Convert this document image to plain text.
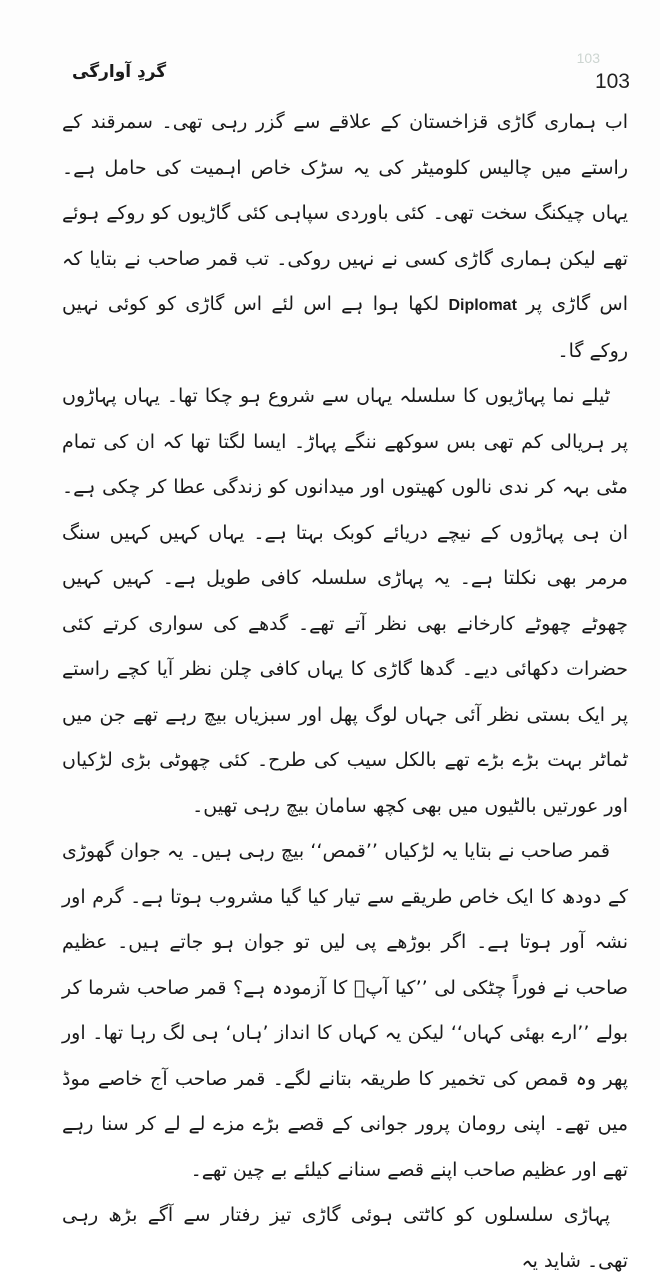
103
گردِ آوارگی	103

اب ہماری گاڑی قزاخستان کے علاقے سے گزر رہی تھی۔ سمرقند کے راستے میں چالیس کلومیٹر کی یہ سڑک خاص اہمیت کی حامل ہے۔ یہاں چیکنگ سخت تھی۔ کئی باوردی سپاہی کئی گاڑیوں کو روکے ہوئے تھے لیکن ہماری گاڑی کسی نے نہیں روکی۔ تب قمر صاحب نے بتایا کہ اس گاڑی پر Diplomat لکھا ہوا ہے اس لئے اس گاڑی کو کوئی نہیں روکے گا۔

ٹیلے نما پہاڑیوں کا سلسلہ یہاں سے شروع ہو چکا تھا۔ یہاں پہاڑوں پر ہریالی کم تھی بس سوکھے ننگے پہاڑ۔ ایسا لگتا تھا کہ ان کی تمام مٹی بہہ کر ندی نالوں کھیتوں اور میدانوں کو زندگی عطا کر چکی ہے۔ ان ہی پہاڑوں کے نیچے دریائے کوبک بہتا ہے۔ یہاں کہیں کہیں سنگ مرمر بھی نکلتا ہے۔ یہ پہاڑی سلسلہ کافی طویل ہے۔ کہیں کہیں چھوٹے چھوٹے کارخانے بھی نظر آتے تھے۔ گدھے کی سواری کرتے کئی حضرات دکھائی دیے۔ گدھا گاڑی کا یہاں کافی چلن نظر آیا کچے راستے پر ایک بستی نظر آئی جہاں لوگ پھل اور سبزیاں بیچ رہے تھے جن میں ٹماٹر بہت بڑے بڑے تھے بالکل سیب کی طرح۔ کئی چھوٹی بڑی لڑکیاں اور عورتیں بالٹیوں میں بھی کچھ سامان بیچ رہی تھیں۔

قمر صاحب نے بتایا یہ لڑکیاں ’’قمص‘‘ بیچ رہی ہیں۔ یہ جوان گھوڑی کے دودھ کا ایک خاص طریقے سے تیار کیا گیا مشروب ہوتا ہے۔ گرم اور نشہ آور ہوتا ہے۔ اگر بوڑھے پی لیں تو جوان ہو جاتے ہیں۔ عظیم صاحب نے فوراً چٹکی لی ’’کیا آپؐ کا آزمودہ ہے؟ قمر صاحب شرما کر بولے ’’ارے بھئی کہاں‘‘ لیکن یہ کہاں کا انداز ’ہاں‘ ہی لگ رہا تھا۔ اور پھر وہ قمص کی تخمیر کا طریقہ بتانے لگے۔ قمر صاحب آج خاصے موڈ میں تھے۔ اپنی رومان پرور جوانی کے قصے بڑے مزے لے لے کر سنا رہے تھے اور عظیم صاحب اپنے قصے سنانے کیلئے بے چین تھے۔

پہاڑی سلسلوں کو کاٹتی ہوئی گاڑی تیز رفتار سے آگے بڑھ رہی تھی۔ شاید یہ
